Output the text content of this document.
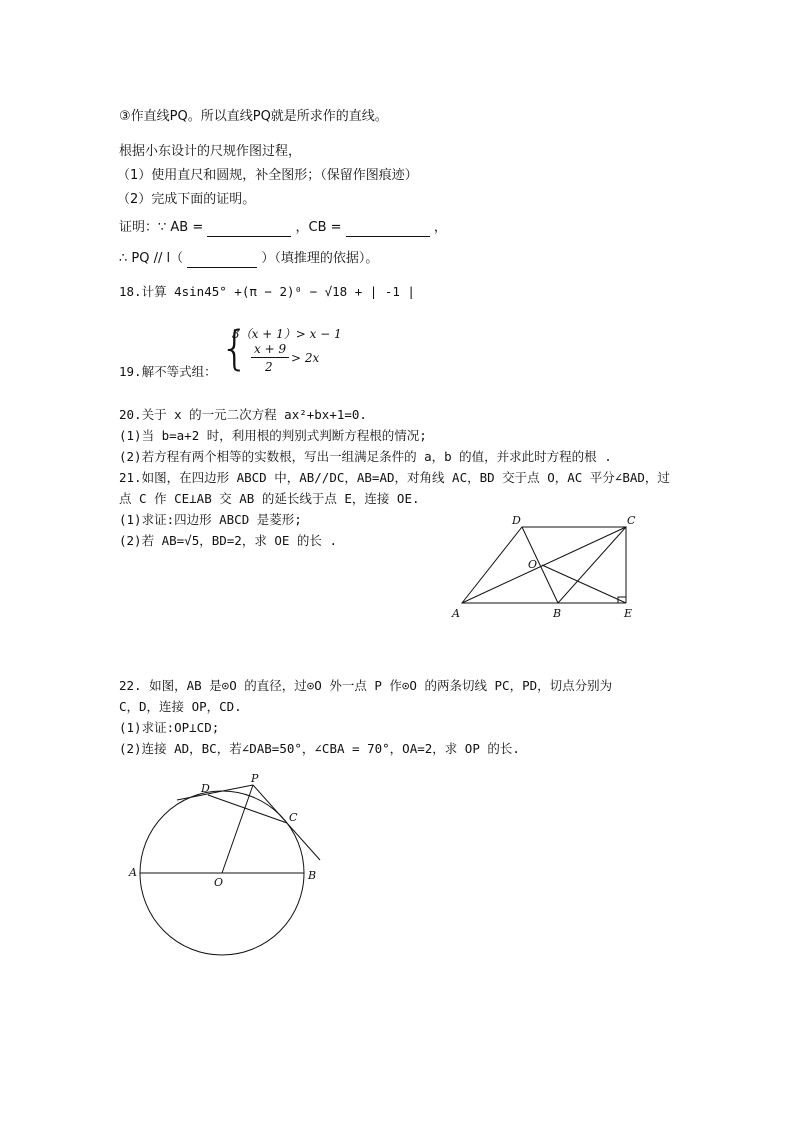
③作直线PQ。所以直线PQ就是所求作的直线。
根据小东设计的尺规作图过程，
（1）使用直尺和圆规，补全图形；（保留作图痕迹）
（2）完成下面的证明。
证明：∵ AB =	，CB =	，
∴ PQ // l（	）（填推理的依据）。
18.计算 4sin45° +(π − 2)⁰ − √18 + | -1 |
19.解不等式组： {
3（x + 1）> x − 1
x + 9
2
> 2x
20.关于 x 的一元二次方程 ax²+bx+1=0.
(1)当 b=a+2 时，利用根的判别式判断方程根的情况;
(2)若方程有两个相等的实数根，写出一组满足条件的 a，b 的值，并求此时方程的根 .
21.如图，在四边形 ABCD 中，AB//DC，AB=AD，对角线 AC，BD 交于点 O，AC 平分∠BAD，过
点 C 作 CE⊥AB 交 AB 的延长线于点 E，连接 OE.
(1)求证:四边形 ABCD 是菱形;
(2)若 AB=√5，BD=2，求 OE 的长 .
A	B
C
D
E
O
22. 如图，AB 是⊙O 的直径，过⊙O 外一点 P 作⊙O 的两条切线 PC，PD，切点分别为
C，D，连接 OP，CD.
(1)求证:OP⊥CD;
(2)连接 AD，BC，若∠DAB=50°，∠CBA = 70°，OA=2，求 OP 的长.
A	B
C
D
O
P
